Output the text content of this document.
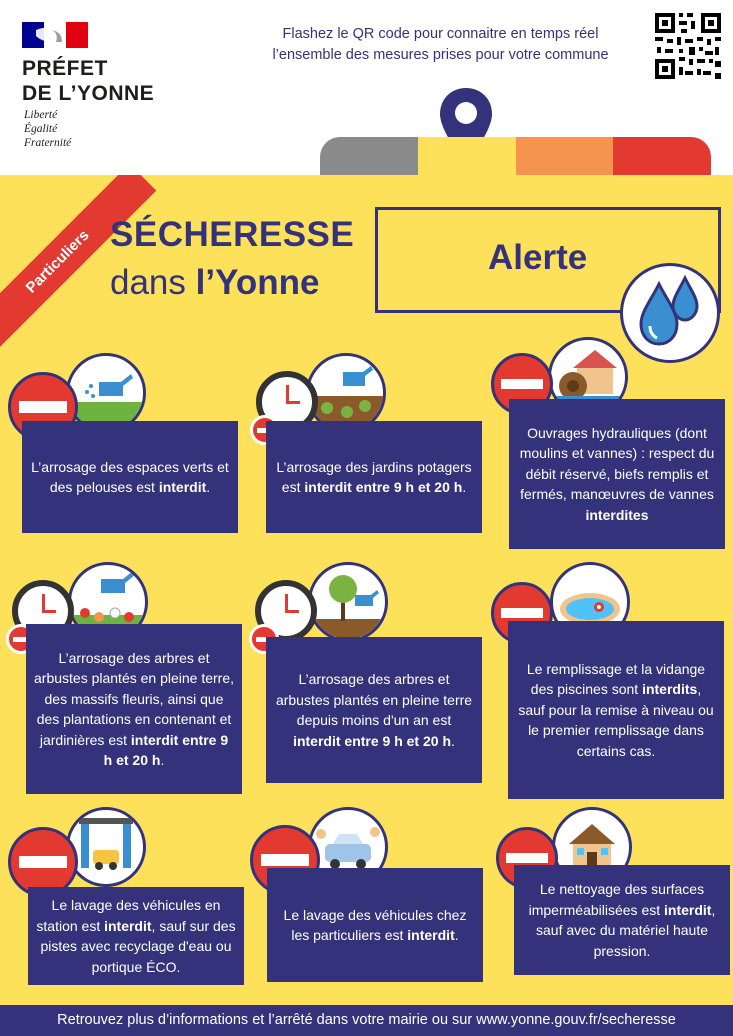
PRÉFET
DE L’YONNE
Liberté
Égalité
Fraternité
Flashez le QR code pour connaitre en temps réel
l’ensemble des mesures prises pour votre commune
Particuliers SÉCHERESSE
dans l’Yonne
Alerte
L’arrosage des espaces verts et des pelouses est interdit.
L’arrosage des jardins potagers est interdit entre 9 h et 20 h.
Ouvrages hydrauliques (dont moulins et vannes) : respect du débit réservé, biefs remplis et fermés, manœuvres de vannes interdites
L’arrosage des arbres et arbustes plantés en pleine terre, des massifs fleuris, ainsi que des plantations en contenant et jardinières est interdit entre 9 h et 20 h.
L’arrosage des arbres et arbustes plantés en pleine terre depuis moins d'un an est interdit entre 9 h et 20 h.
Le remplissage et la vidange des piscines sont interdits, sauf pour la remise à niveau ou le premier remplissage dans certains cas.
Le lavage des véhicules en station est interdit, sauf sur des pistes avec recyclage d'eau ou portique ÉCO.
Le lavage des véhicules chez les particuliers est interdit.
Le nettoyage des surfaces imperméabilisées est interdit, sauf avec du matériel haute pression.
Retrouvez plus d’informations et l’arrêté dans votre mairie ou sur www.yonne.gouv.fr/secheresse
